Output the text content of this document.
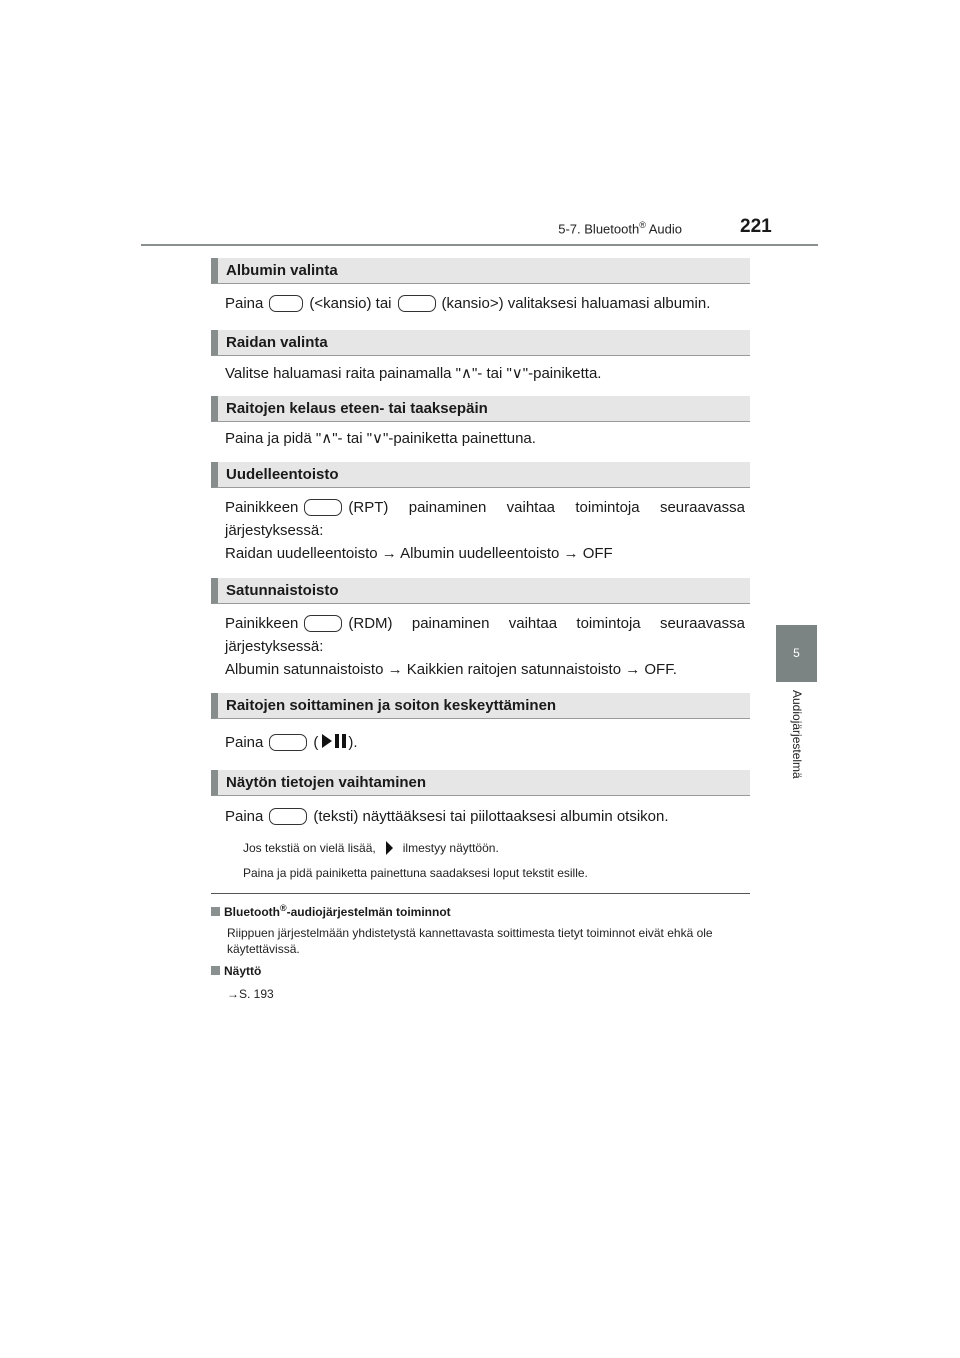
5-7. Bluetooth® Audio	221
5
Audiojärjestelmä
Albumin valinta
Paina	(<kansio) tai	(kansio>) valitaksesi haluamasi albumin.
Raidan valinta
Valitse haluamasi raita painamalla "∧"- tai "∨"-painiketta.
Raitojen kelaus eteen- tai taaksepäin
Paina ja pidä "∧"- tai "∨"-painiketta painettuna.
Uudelleentoisto
Painikkeen	(RPT) painaminen vaihtaa toimintoja seuraavassa järjestyksessä:
Raidan uudelleentoisto → Albumin uudelleentoisto → OFF
Satunnaistoisto
Painikkeen	(RDM) painaminen vaihtaa toimintoja seuraavassa järjestyksessä:
Albumin satunnaistoisto → Kaikkien raitojen satunnaistoisto → OFF.
Raitojen soittaminen ja soiton keskeyttäminen
Paina	( ).
Näytön tietojen vaihtaminen
Paina	(teksti) näyttääksesi tai piilottaaksesi albumin otsikon.
Jos tekstiä on vielä lisää, ilmestyy näyttöön.
Paina ja pidä painiketta painettuna saadaksesi loput tekstit esille.
Bluetooth®-audiojärjestelmän toiminnot
Riippuen järjestelmään yhdistetystä kannettavasta soittimesta tietyt toiminnot eivät ehkä ole käytettävissä.
Näyttö
→S. 193
